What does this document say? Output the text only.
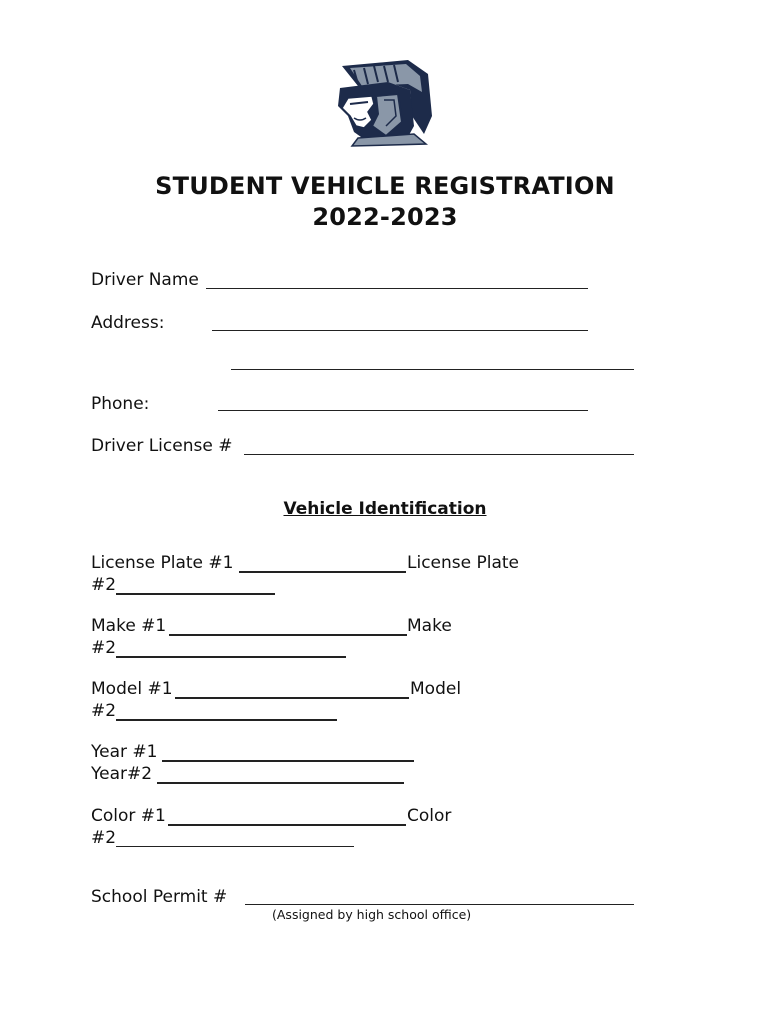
STUDENT VEHICLE REGISTRATION
2022-2023
Driver Name
Address:
Phone:
Driver License #
Vehicle Identification
License Plate #1	License Plate
#2
Make #1	Make
#2
Model #1	Model
#2
Year #1
Year#2
Color #1	Color
#2
School Permit #
(Assigned by high school office)
